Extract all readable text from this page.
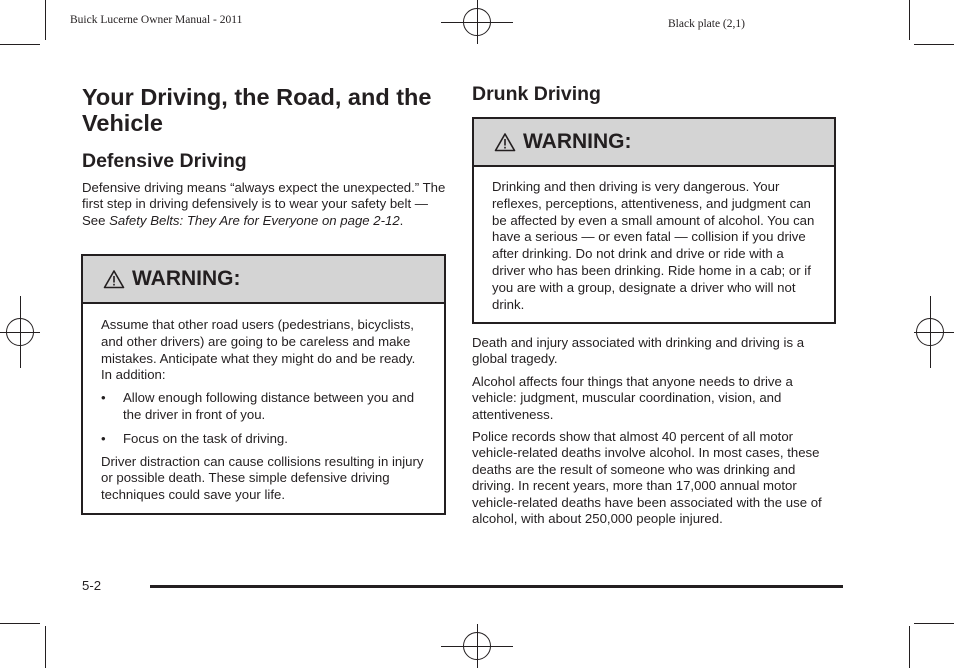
Buick Lucerne Owner Manual - 2011	Black plate (2,1)
Your Driving, the Road, and the Vehicle
Defensive Driving

Defensive driving means “always expect the unexpected.” The first step in driving defensively is to wear your safety belt — See Safety Belts: They Are for Everyone on page 2-12.

WARNING:

Assume that other road users (pedestrians, bicyclists, and other drivers) are going to be careless and make mistakes. Anticipate what they might do and be ready. In addition:

•	Allow enough following distance between you and the driver in front of you.
•	Focus on the task of driving.

Driver distraction can cause collisions resulting in injury or possible death. These simple defensive driving techniques could save your life.

Drunk Driving
WARNING:

Drinking and then driving is very dangerous. Your reflexes, perceptions, attentiveness, and judgment can be affected by even a small amount of alcohol. You can have a serious — or even fatal — collision if you drive after drinking. Do not drink and drive or ride with a driver who has been drinking. Ride home in a cab; or if you are with a group, designate a driver who will not drink.

Death and injury associated with drinking and driving is a global tragedy.

Alcohol affects four things that anyone needs to drive a vehicle: judgment, muscular coordination, vision, and attentiveness.

Police records show that almost 40 percent of all motor vehicle-related deaths involve alcohol. In most cases, these deaths are the result of someone who was drinking and driving. In recent years, more than 17,000 annual motor vehicle-related deaths have been associated with the use of alcohol, with about 250,000 people injured.

5-2
